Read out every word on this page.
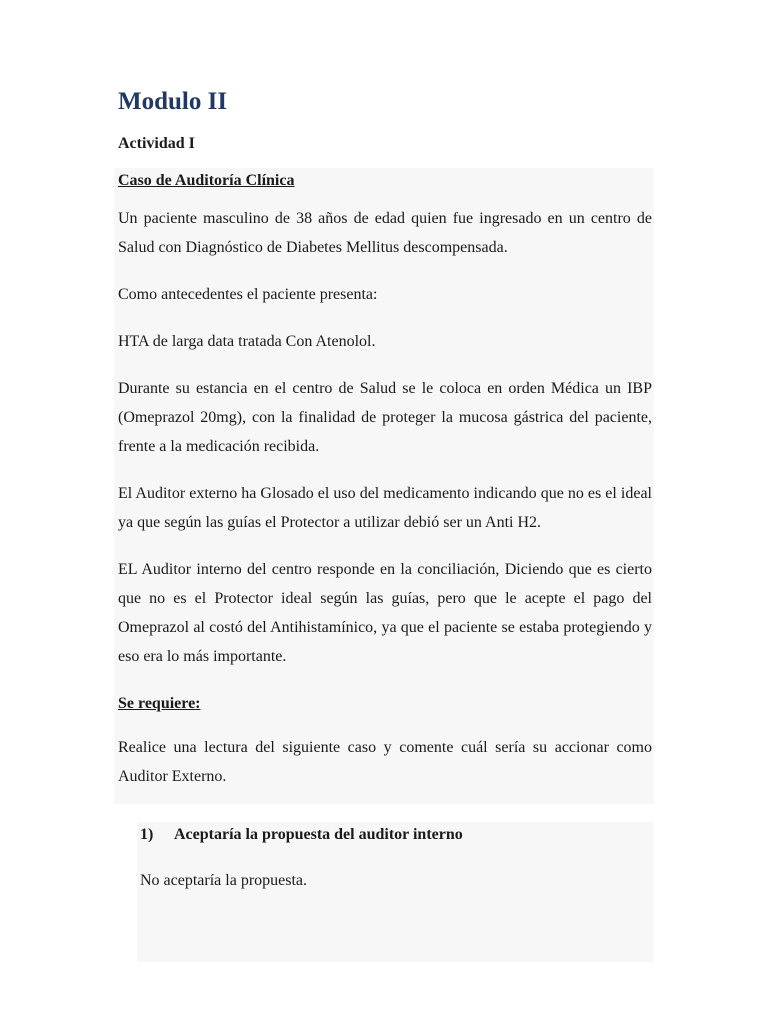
Modulo II
Actividad I

Caso de Auditoría Clínica

Un paciente masculino de 38 años de edad quien fue ingresado en un centro de Salud con Diagnóstico de Diabetes Mellitus descompensada.

Como antecedentes el paciente presenta:

HTA de larga data tratada Con Atenolol.

Durante su estancia en el centro de Salud se le coloca en orden Médica un IBP (Omeprazol 20mg), con la finalidad de proteger la mucosa gástrica del paciente, frente a la medicación recibida.

El Auditor externo ha Glosado el uso del medicamento indicando que no es el ideal ya que según las guías el Protector a utilizar debió ser un Anti H2.

EL Auditor interno del centro responde en la conciliación, Diciendo que es cierto que no es el Protector ideal según las guías, pero que le acepte el pago del Omeprazol al costó del Antihistamínico, ya que el paciente se estaba protegiendo y eso era lo más importante.

Se requiere:

Realice una lectura del siguiente caso y comente cuál sería su accionar como Auditor Externo.

1) Aceptaría la propuesta del auditor interno

No aceptaría la propuesta.
